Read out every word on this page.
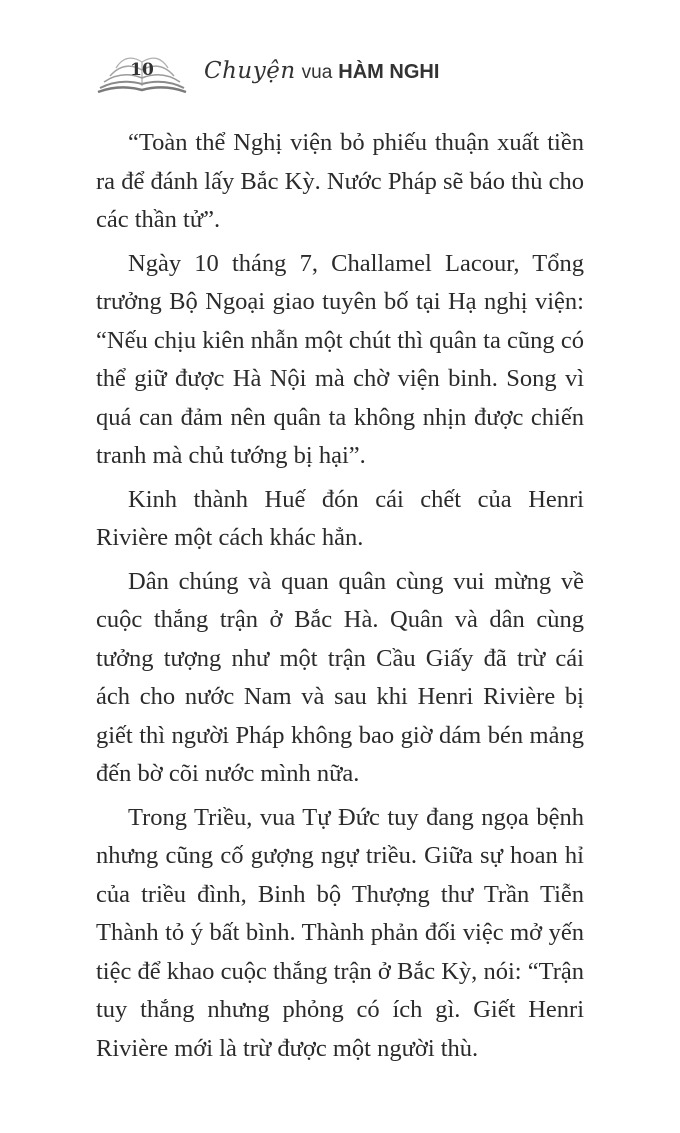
10	Chuyện vua HÀM NGHI

“Toàn thể Nghị viện bỏ phiếu thuận xuất tiền ra để đánh lấy Bắc Kỳ. Nước Pháp sẽ báo thù cho các thần tử”.

Ngày 10 tháng 7, Challamel Lacour, Tổng trưởng Bộ Ngoại giao tuyên bố tại Hạ nghị viện: “Nếu chịu kiên nhẫn một chút thì quân ta cũng có thể giữ được Hà Nội mà chờ viện binh. Song vì quá can đảm nên quân ta không nhịn được chiến tranh mà chủ tướng bị hại”.

Kinh thành Huế đón cái chết của Henri Rivière một cách khác hẳn.

Dân chúng và quan quân cùng vui mừng về cuộc thắng trận ở Bắc Hà. Quân và dân cùng tưởng tượng như một trận Cầu Giấy đã trừ cái ách cho nước Nam và sau khi Henri Rivière bị giết thì người Pháp không bao giờ dám bén mảng đến bờ cõi nước mình nữa.

Trong Triều, vua Tự Đức tuy đang ngọa bệnh nhưng cũng cố gượng ngự triều. Giữa sự hoan hỉ của triều đình, Binh bộ Thượng thư Trần Tiễn Thành tỏ ý bất bình. Thành phản đối việc mở yến tiệc để khao cuộc thắng trận ở Bắc Kỳ, nói: “Trận tuy thắng nhưng phỏng có ích gì. Giết Henri Rivière mới là trừ được một người thù.
